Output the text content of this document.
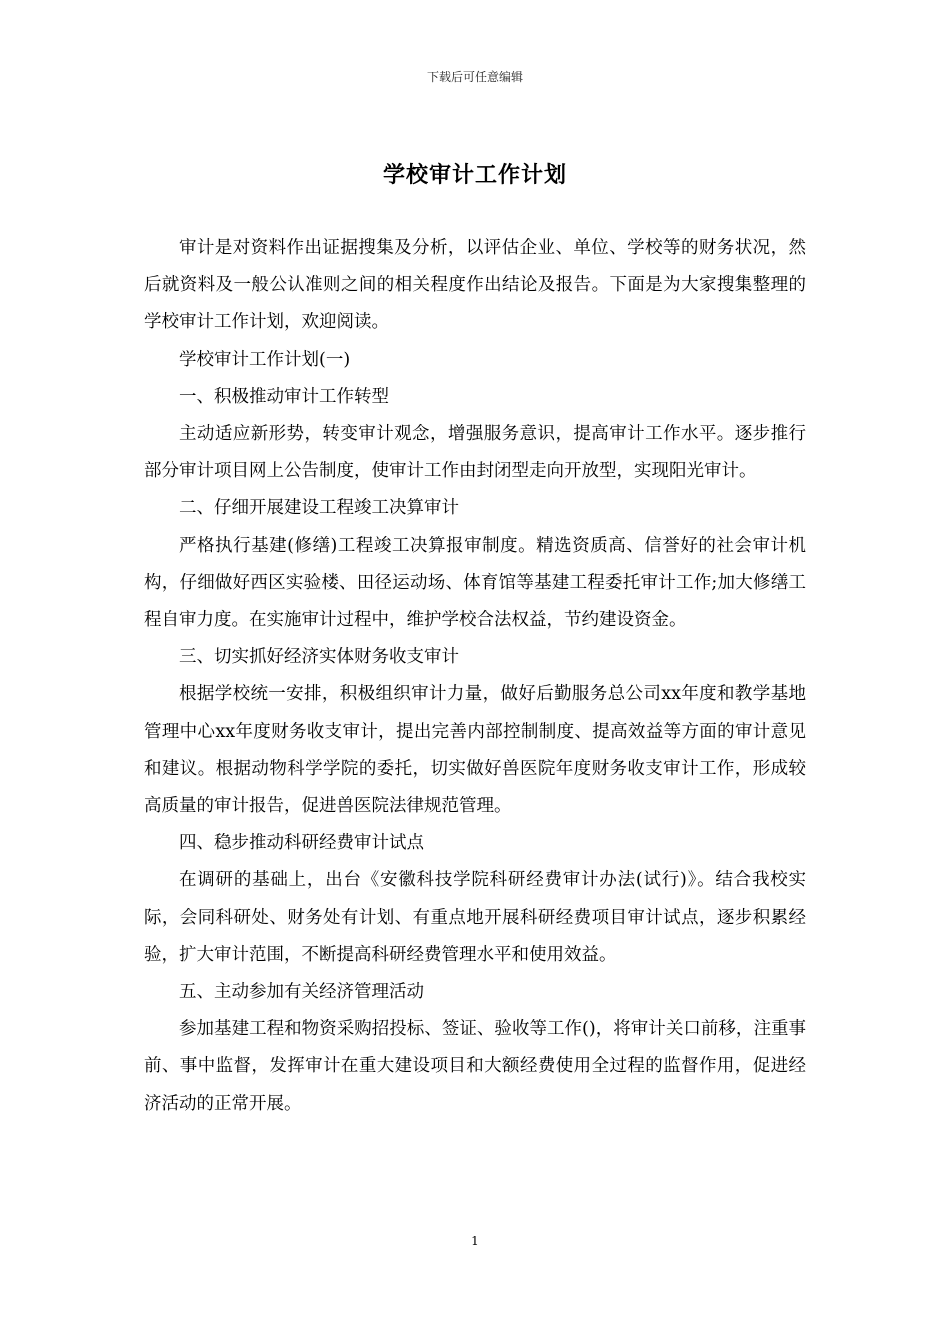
下载后可任意编辑
学校审计工作计划

审计是对资料作出证据搜集及分析，以评估企业、单位、学校等的财务状况，然后就资料及一般公认准则之间的相关程度作出结论及报告。下面是为大家搜集整理的学校审计工作计划，欢迎阅读。

学校审计工作计划(一)

一、积极推动审计工作转型

主动适应新形势，转变审计观念，增强服务意识，提高审计工作水平。逐步推行部分审计项目网上公告制度，使审计工作由封闭型走向开放型，实现阳光审计。

二、仔细开展建设工程竣工决算审计

严格执行基建(修缮)工程竣工决算报审制度。精选资质高、信誉好的社会审计机构，仔细做好西区实验楼、田径运动场、体育馆等基建工程委托审计工作;加大修缮工程自审力度。在实施审计过程中，维护学校合法权益，节约建设资金。

三、切实抓好经济实体财务收支审计

根据学校统一安排，积极组织审计力量，做好后勤服务总公司xx年度和教学基地管理中心xx年度财务收支审计，提出完善内部控制制度、提高效益等方面的审计意见和建议。根据动物科学学院的委托，切实做好兽医院年度财务收支审计工作，形成较高质量的审计报告，促进兽医院法律规范管理。

四、稳步推动科研经费审计试点

在调研的基础上，出台《安徽科技学院科研经费审计办法(试行)》。结合我校实际，会同科研处、财务处有计划、有重点地开展科研经费项目审计试点，逐步积累经验，扩大审计范围，不断提高科研经费管理水平和使用效益。

五、主动参加有关经济管理活动

参加基建工程和物资采购招投标、签证、验收等工作()，将审计关口前移，注重事前、事中监督，发挥审计在重大建设项目和大额经费使用全过程的监督作用，促进经济活动的正常开展。

1
